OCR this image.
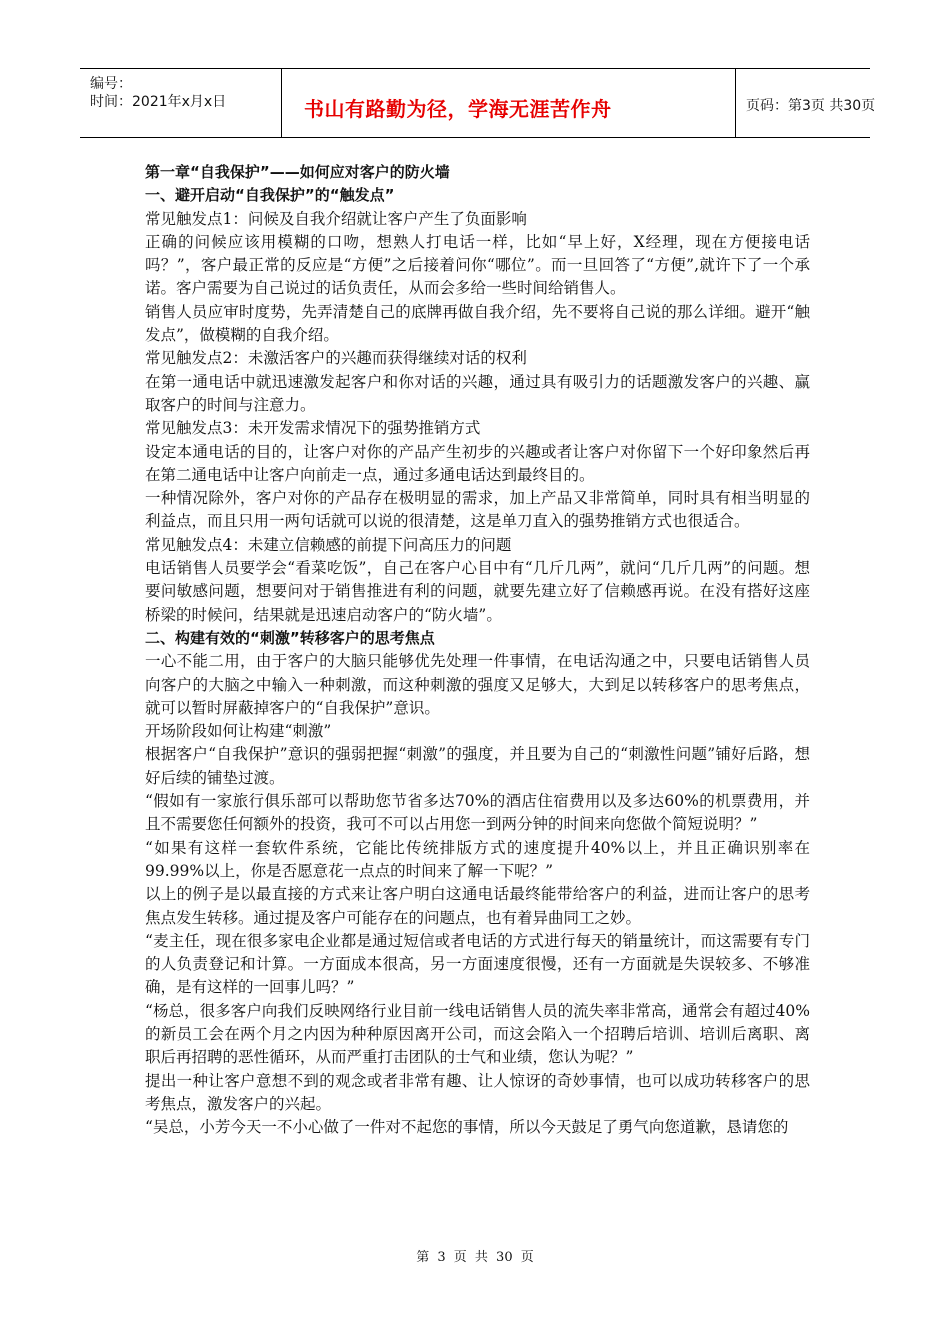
编号：
时间：2021年x月x日	书山有路勤为径，学海无涯苦作舟	页码：第3页 共30页

第一章“自我保护”——如何应对客户的防火墙

一、避开启动“自我保护”的“触发点”

常见触发点1：问候及自我介绍就让客户产生了负面影响

正确的问候应该用模糊的口吻，想熟人打电话一样，比如“早上好，X经理，现在方便接电话吗？”，客户最正常的反应是“方便”之后接着问你“哪位”。而一旦回答了“方便”,就许下了一个承诺。客户需要为自己说过的话负责任，从而会多给一些时间给销售人。

销售人员应审时度势，先弄清楚自己的底牌再做自我介绍，先不要将自己说的那么详细。避开“触发点”，做模糊的自我介绍。

常见触发点2：未激活客户的兴趣而获得继续对话的权利

在第一通电话中就迅速激发起客户和你对话的兴趣，通过具有吸引力的话题激发客户的兴趣、赢取客户的时间与注意力。

常见触发点3：未开发需求情况下的强势推销方式

设定本通电话的目的，让客户对你的产品产生初步的兴趣或者让客户对你留下一个好印象然后再在第二通电话中让客户向前走一点，通过多通电话达到最终目的。

一种情况除外，客户对你的产品存在极明显的需求，加上产品又非常简单，同时具有相当明显的利益点，而且只用一两句话就可以说的很清楚，这是单刀直入的强势推销方式也很适合。

常见触发点4：未建立信赖感的前提下问高压力的问题

电话销售人员要学会“看菜吃饭”，自己在客户心目中有“几斤几两”，就问“几斤几两”的问题。想要问敏感问题，想要问对于销售推进有利的问题，就要先建立好了信赖感再说。在没有搭好这座桥梁的时候问，结果就是迅速启动客户的“防火墙”。

二、构建有效的“刺激”转移客户的思考焦点

一心不能二用，由于客户的大脑只能够优先处理一件事情，在电话沟通之中，只要电话销售人员向客户的大脑之中输入一种刺激，而这种刺激的强度又足够大，大到足以转移客户的思考焦点，就可以暂时屏蔽掉客户的“自我保护”意识。

开场阶段如何让构建“刺激”

根据客户“自我保护”意识的强弱把握“刺激”的强度，并且要为自己的“刺激性问题”铺好后路，想好后续的铺垫过渡。

“假如有一家旅行俱乐部可以帮助您节省多达70%的酒店住宿费用以及多达60%的机票费用，并且不需要您任何额外的投资，我可不可以占用您一到两分钟的时间来向您做个简短说明？”

“如果有这样一套软件系统，它能比传统排版方式的速度提升40%以上，并且正确识别率在99.99%以上，你是否愿意花一点点的时间来了解一下呢？”

以上的例子是以最直接的方式来让客户明白这通电话最终能带给客户的利益，进而让客户的思考焦点发生转移。通过提及客户可能存在的问题点，也有着异曲同工之妙。

“麦主任，现在很多家电企业都是通过短信或者电话的方式进行每天的销量统计，而这需要有专门的人负责登记和计算。一方面成本很高，另一方面速度很慢，还有一方面就是失误较多、不够准确，是有这样的一回事儿吗？”

“杨总，很多客户向我们反映网络行业目前一线电话销售人员的流失率非常高，通常会有超过40%的新员工会在两个月之内因为种种原因离开公司，而这会陷入一个招聘后培训、培训后离职、离职后再招聘的恶性循环，从而严重打击团队的士气和业绩，您认为呢？”

提出一种让客户意想不到的观念或者非常有趣、让人惊讶的奇妙事情，也可以成功转移客户的思考焦点，激发客户的兴起。

“吴总，小芳今天一不小心做了一件对不起您的事情，所以今天鼓足了勇气向您道歉，恳请您的

第 3 页 共 30 页
